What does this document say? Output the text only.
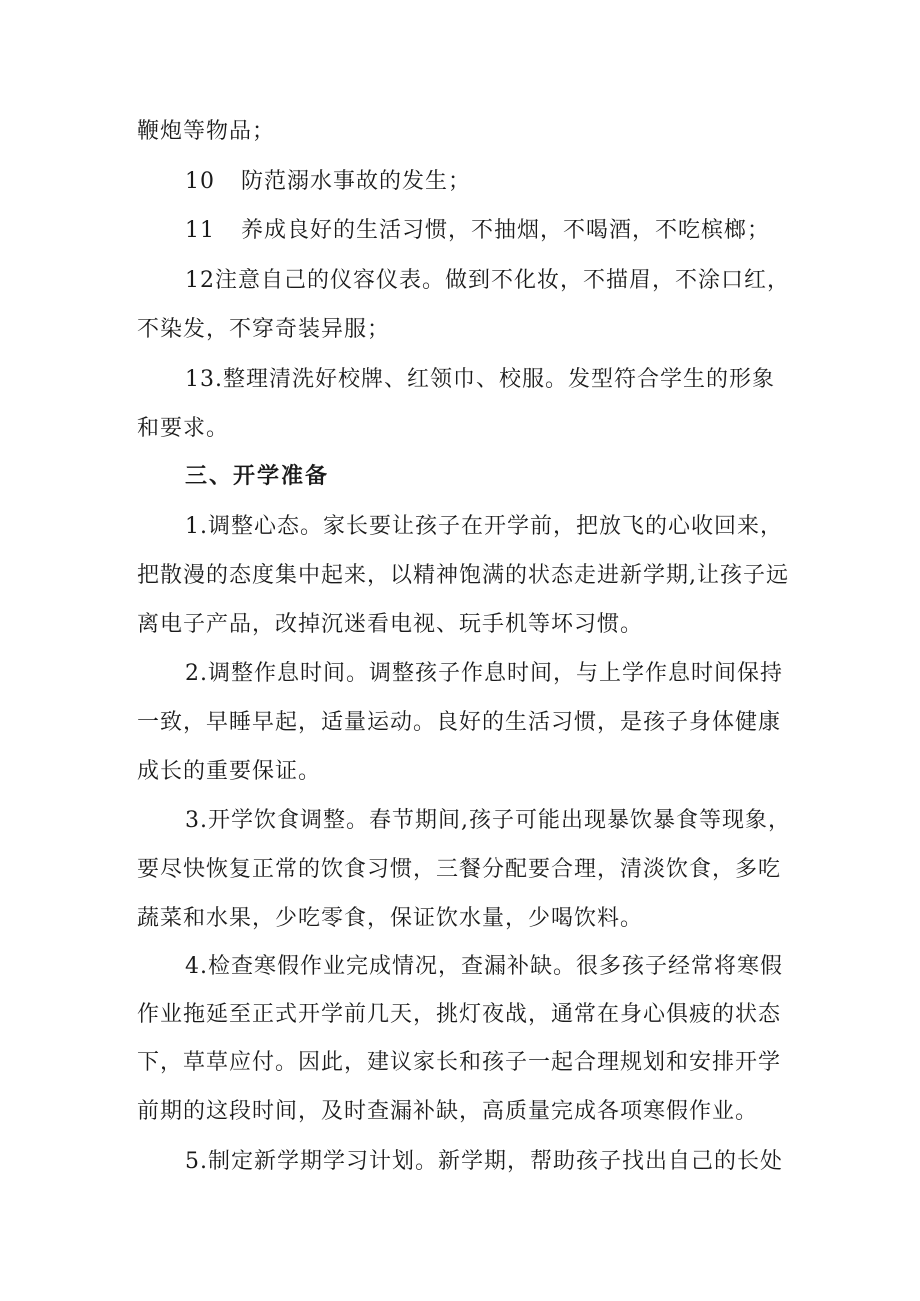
鞭炮等物品；
10 防范溺水事故的发生；
11 养成良好的生活习惯，不抽烟，不喝酒，不吃槟榔；
12注意自己的仪容仪表。做到不化妆，不描眉，不涂口红，
不染发，不穿奇装异服；
13.整理清洗好校牌、红领巾、校服。发型符合学生的形象
和要求。
三、开学准备
1.调整心态。家长要让孩子在开学前，把放飞的心收回来，
把散漫的态度集中起来，以精神饱满的状态走进新学期,让孩子远
离电子产品，改掉沉迷看电视、玩手机等坏习惯。
2.调整作息时间。调整孩子作息时间，与上学作息时间保持
一致，早睡早起，适量运动。良好的生活习惯，是孩子身体健康
成长的重要保证。
3.开学饮食调整。春节期间,孩子可能出现暴饮暴食等现象，
要尽快恢复正常的饮食习惯，三餐分配要合理，清淡饮食，多吃
蔬菜和水果，少吃零食，保证饮水量，少喝饮料。
4.检查寒假作业完成情况，查漏补缺。很多孩子经常将寒假
作业拖延至正式开学前几天，挑灯夜战，通常在身心俱疲的状态
下，草草应付。因此，建议家长和孩子一起合理规划和安排开学
前期的这段时间，及时查漏补缺，高质量完成各项寒假作业。
5.制定新学期学习计划。新学期，帮助孩子找出自己的长处
